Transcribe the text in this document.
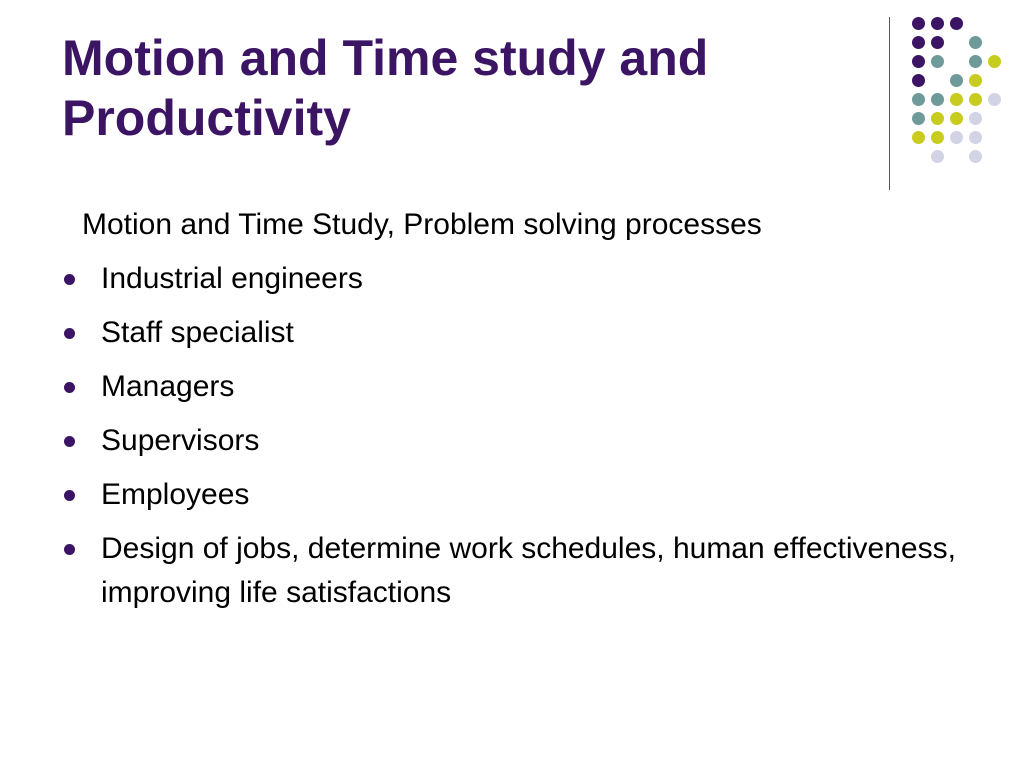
Motion and Time study and Productivity

Motion and Time Study, Problem solving processes

Industrial engineers
Staff specialist
Managers
Supervisors
Employees
Design of jobs, determine work schedules, human effectiveness, improving life satisfactions
